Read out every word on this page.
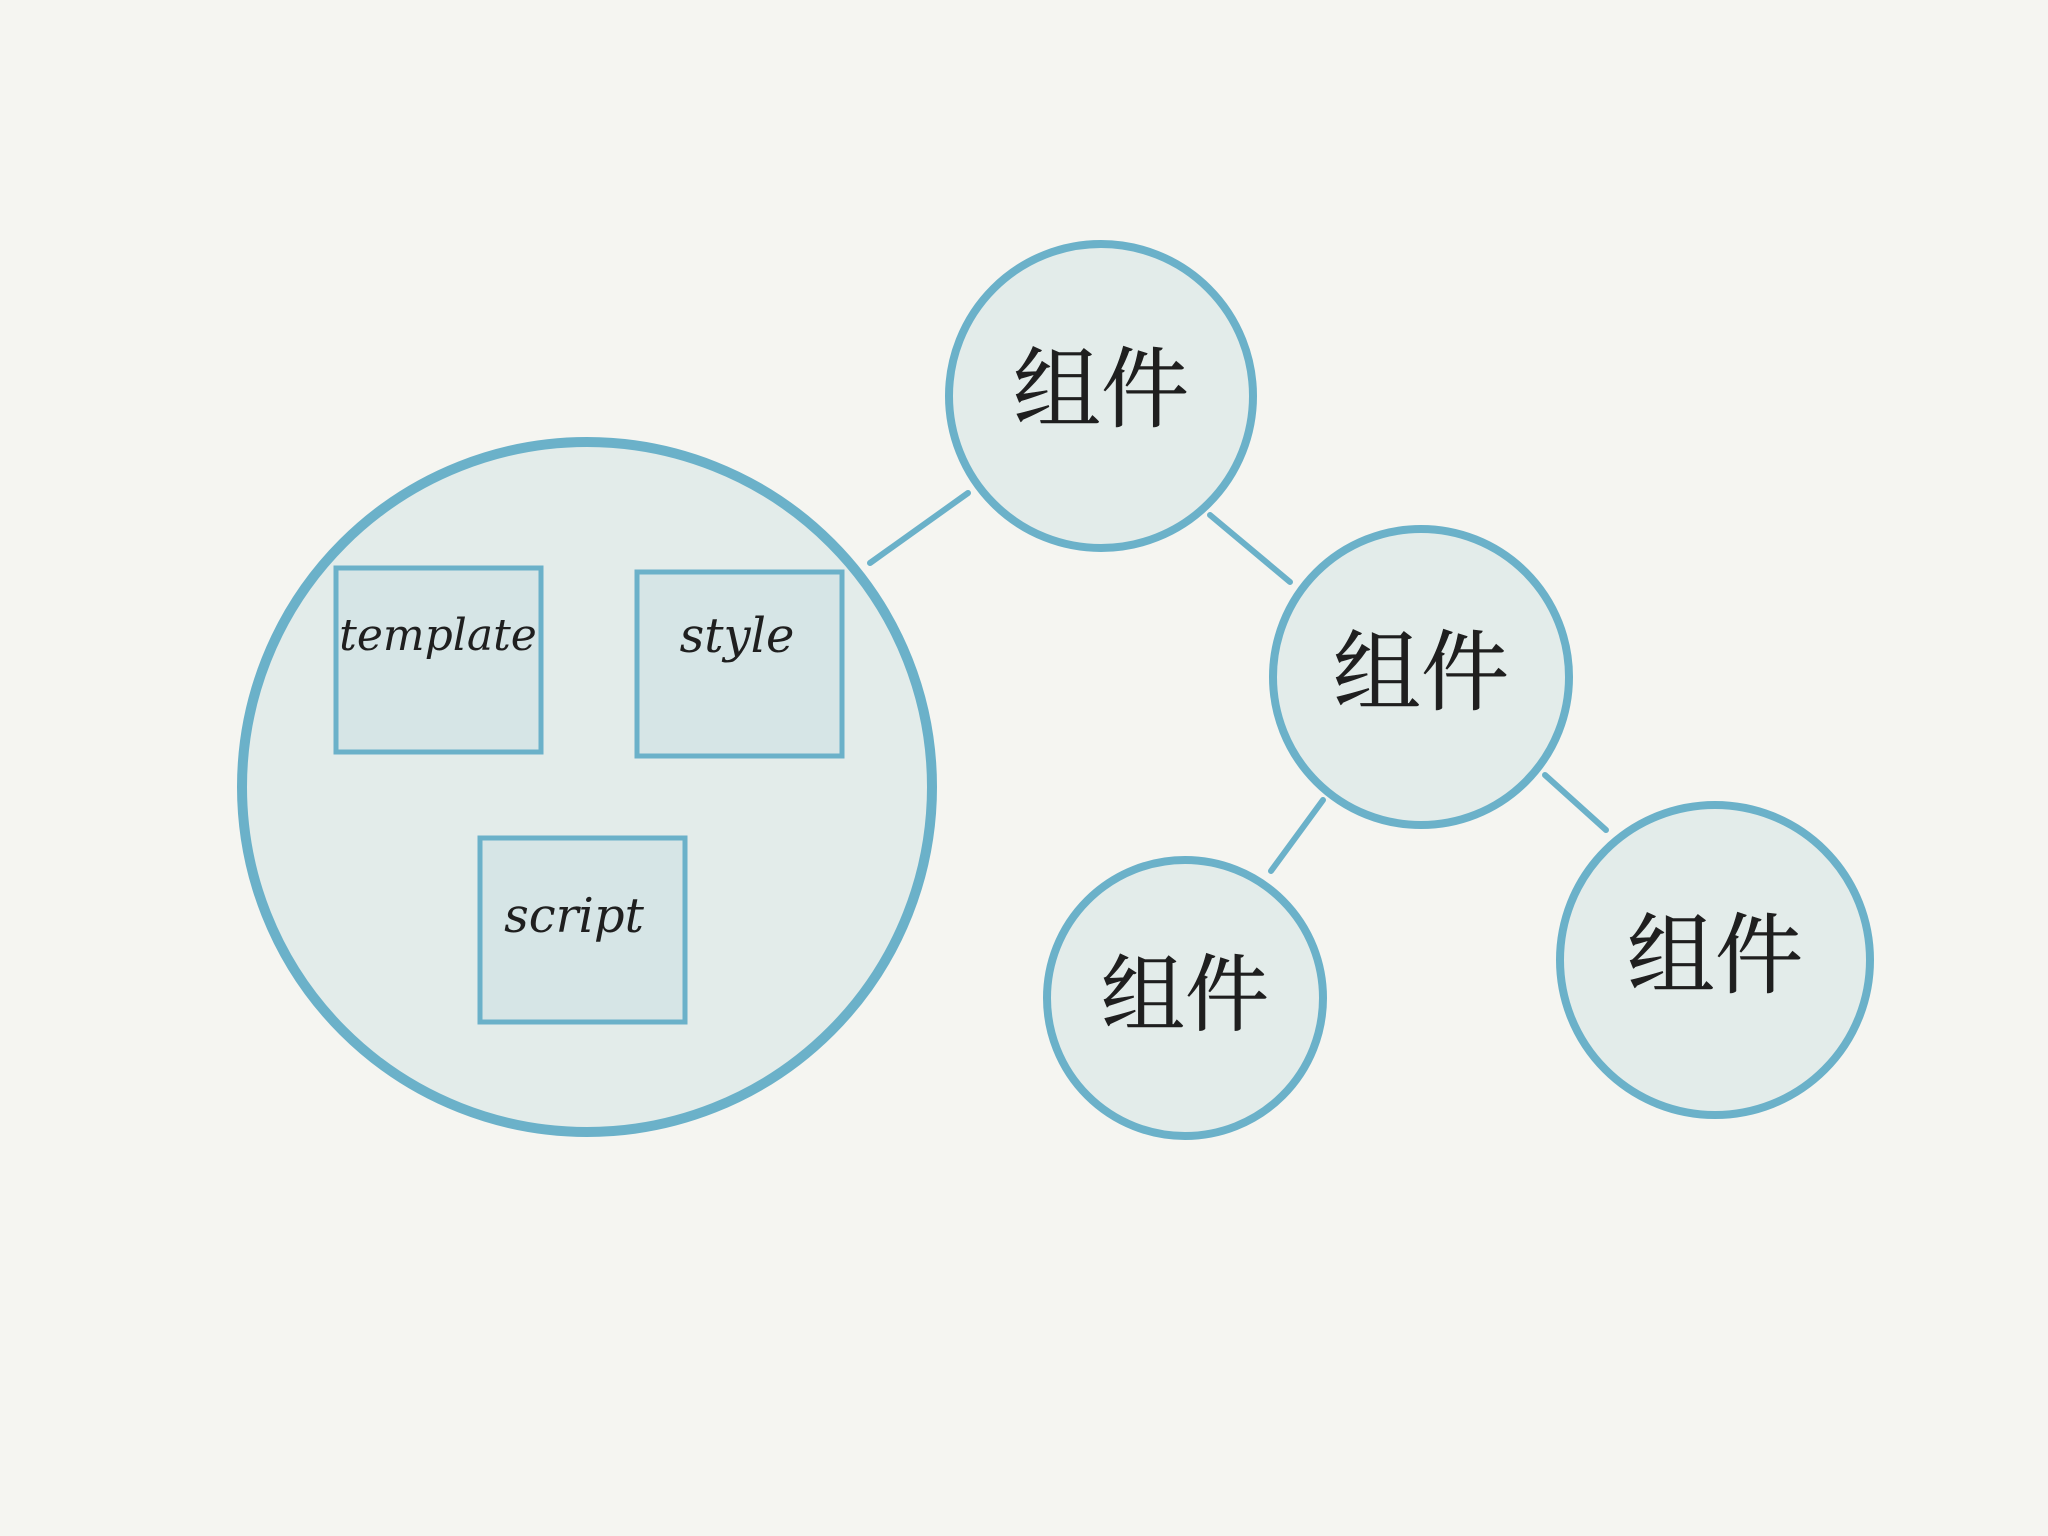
template	style
script
组件
组件
组件	组件
